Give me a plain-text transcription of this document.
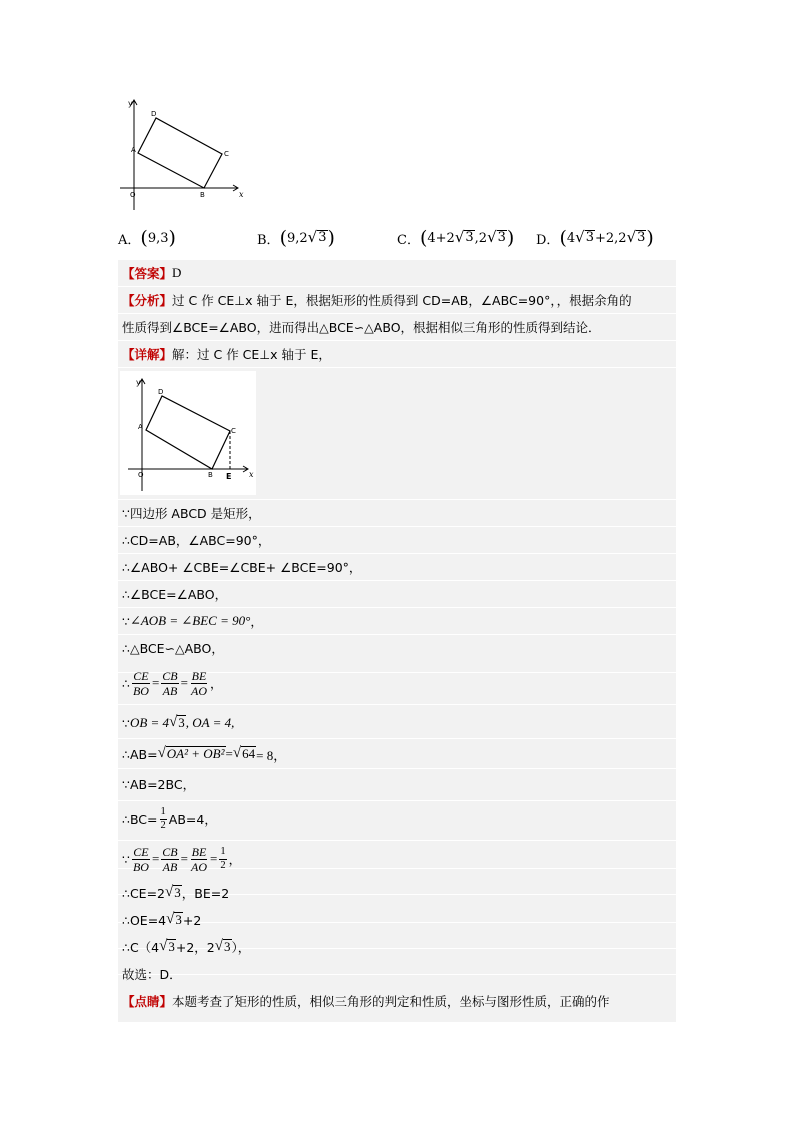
y
x
O
A
D
C
B
A． ( 9,3 )	B． ( 9,2 √ 3 )	C． ( 4+2 √ 3 ,2 √ 3 ) D． ( 4 √ 3 +2,2 √ 3 )
【答案】 D
【分析】 过 C 作 CE⊥x 轴于 E，根据矩形的性质得到 CD=AB，∠ABC=90°，，根据余角的
性质得到∠BCE=∠ABO，进而得出△BCE∽△ABO，根据相似三角形的性质得到结论．
【详解】 解：过 C 作 CE⊥x 轴于 E，
y
x
O
A
D
C
B E
∵四边形 ABCD 是矩形，
∴CD=AB，∠ABC=90°，
∴∠ABO+ ∠CBE=∠CBE+ ∠BCE=90°，
∴∠BCE=∠ABO，
∵ ∠AOB = ∠BEC = 90° ，
∴△BCE∽△ABO，
∴ $\frac{CE}{BO} = \frac{CB}{AB} = \frac{BE}{AO}$ ，
∵ OB = 4 √ 3 , OA = 4,
∴AB= √ OA² + OB² = √ 64 = 8，
∵AB=2BC，
∴BC= $\frac{1}{2} AB=4$，
∵ $\frac{CE}{BO} = \frac{CB}{AB} = \frac{BE}{AO} = \frac{1}{2}$ ，
∴CE=2 √ 3 ，BE=2
∴OE=4 √ 3 +2
∴C（4 √ 3 +2，2 √ 3 ），
故选：D．
【点睛】 本题考查了矩形的性质，相似三角形的判定和性质，坐标与图形性质，正确的作
